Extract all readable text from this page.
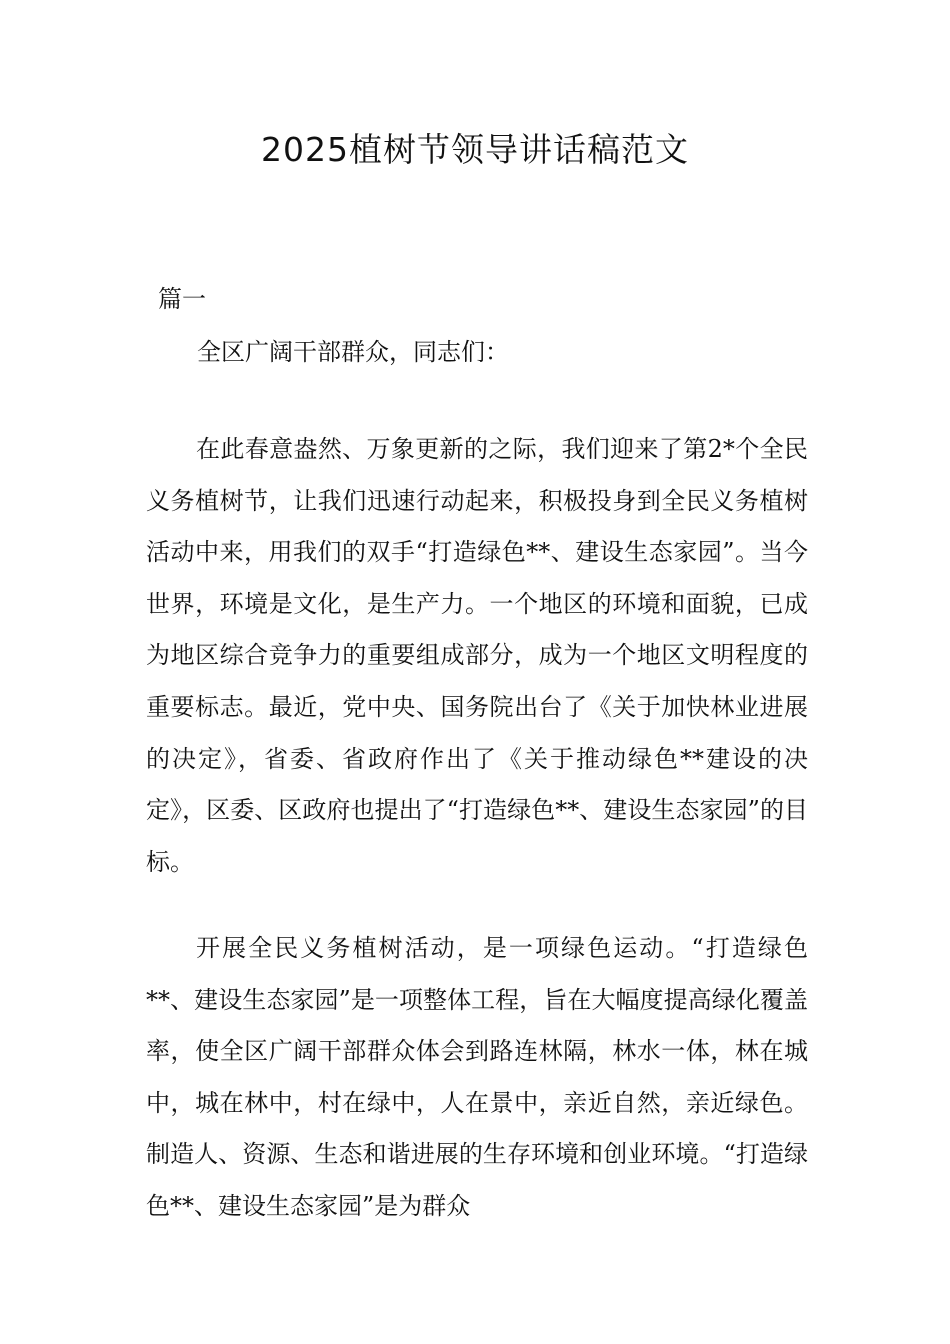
2025植树节领导讲话稿范文
篇一
全区广阔干部群众，同志们：

在此春意盎然、万象更新的之际，我们迎来了第2*个全民义务植树节，让我们迅速行动起来，积极投身到全民义务植树活动中来，用我们的双手“打造绿色**、建设生态家园”。当今世界，环境是文化，是生产力。一个地区的环境和面貌，已成为地区综合竞争力的重要组成部分，成为一个地区文明程度的重要标志。最近，党中央、国务院出台了《关于加快林业进展的决定》，省委、省政府作出了《关于推动绿色**建设的决定》，区委、区政府也提出了“打造绿色**、建设生态家园”的目标。

开展全民义务植树活动，是一项绿色运动。“打造绿色**、建设生态家园”是一项整体工程，旨在大幅度提高绿化覆盖率，使全区广阔干部群众体会到路连林隔，林水一体，林在城中，城在林中，村在绿中，人在景中，亲近自然，亲近绿色。制造人、资源、生态和谐进展的生存环境和创业环境。“打造绿色**、建设生态家园”是为群众
